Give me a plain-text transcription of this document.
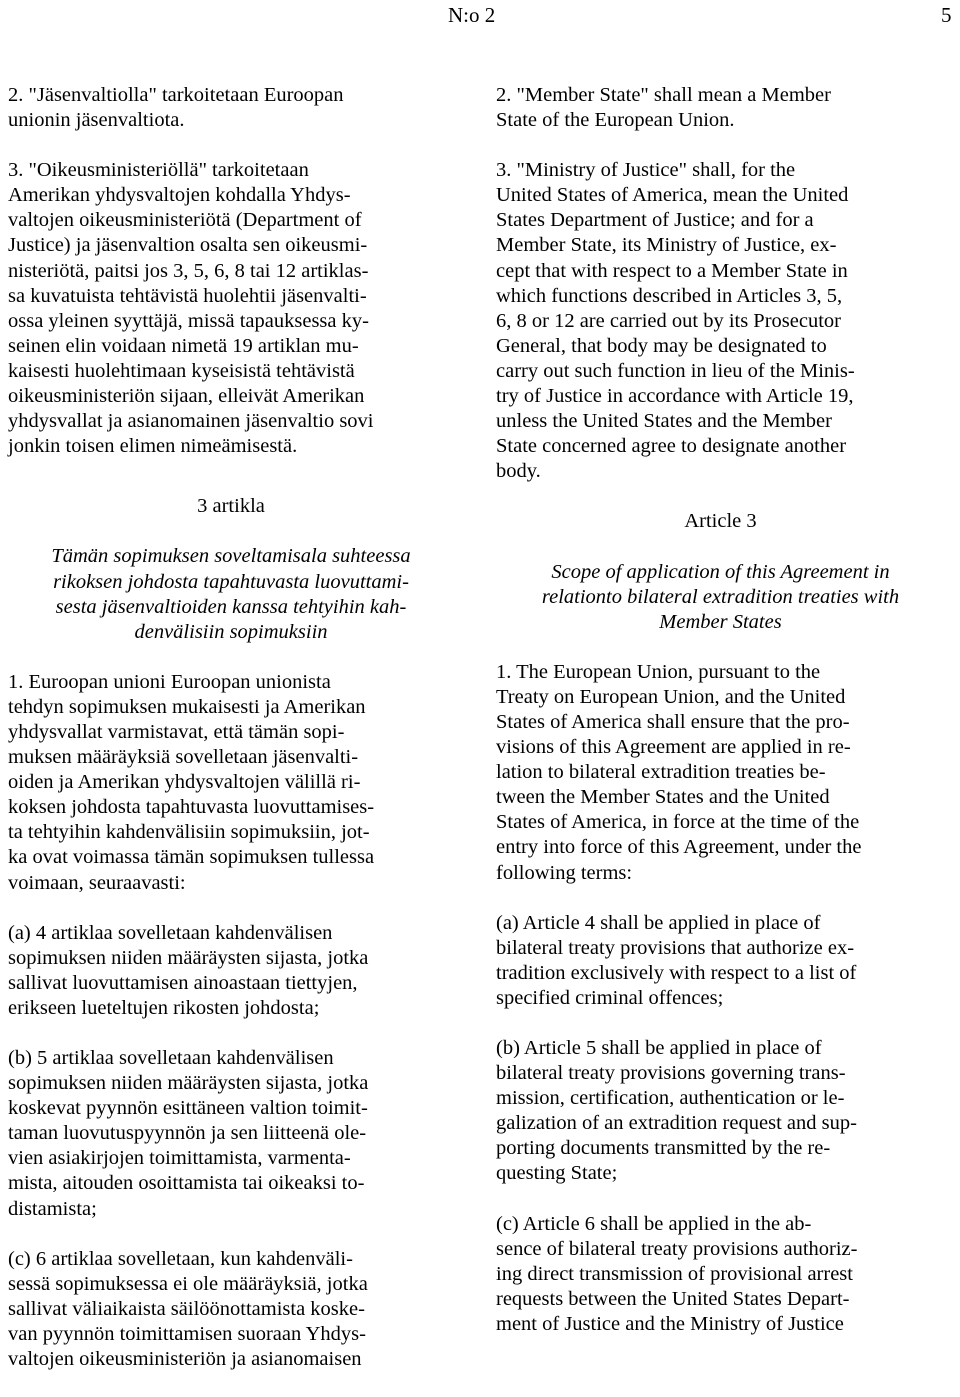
N:o 2	5

2. "Jäsenvaltiolla" tarkoitetaan Euroopan
unionin jäsenvaltiota.

3. "Oikeusministeriöllä" tarkoitetaan
Amerikan yhdysvaltojen kohdalla Yhdys-
valtojen oikeusministeriötä (Department of
Justice) ja jäsenvaltion osalta sen oikeusmi-
nisteriötä, paitsi jos 3, 5, 6, 8 tai 12 artiklas-
sa kuvatuista tehtävistä huolehtii jäsenvalti-
ossa yleinen syyttäjä, missä tapauksessa ky-
seinen elin voidaan nimetä 19 artiklan mu-
kaisesti huolehtimaan kyseisistä tehtävistä
oikeusministeriön sijaan, elleivät Amerikan
yhdysvallat ja asianomainen jäsenvaltio sovi
jonkin toisen elimen nimeämisestä.

3 artikla

Tämän sopimuksen soveltamisala suhteessa
rikoksen johdosta tapahtuvasta luovuttami-
sesta jäsenvaltioiden kanssa tehtyihin kah-
denvälisiin sopimuksiin

1. Euroopan unioni Euroopan unionista
tehdyn sopimuksen mukaisesti ja Amerikan
yhdysvallat varmistavat, että tämän sopi-
muksen määräyksiä sovelletaan jäsenvalti-
oiden ja Amerikan yhdysvaltojen välillä ri-
koksen johdosta tapahtuvasta luovuttamises-
ta tehtyihin kahdenvälisiin sopimuksiin, jot-
ka ovat voimassa tämän sopimuksen tullessa
voimaan, seuraavasti:

(a) 4 artiklaa sovelletaan kahdenvälisen
sopimuksen niiden määräysten sijasta, jotka
sallivat luovuttamisen ainoastaan tiettyjen,
erikseen lueteltujen rikosten johdosta;

(b) 5 artiklaa sovelletaan kahdenvälisen
sopimuksen niiden määräysten sijasta, jotka
koskevat pyynnön esittäneen valtion toimit-
taman luovutuspyynnön ja sen liitteenä ole-
vien asiakirjojen toimittamista, varmenta-
mista, aitouden osoittamista tai oikeaksi to-
distamista;

(c) 6 artiklaa sovelletaan, kun kahdenväli-
sessä sopimuksessa ei ole määräyksiä, jotka
sallivat väliaikaista säilöönottamista koske-
van pyynnön toimittamisen suoraan Yhdys-
valtojen oikeusministeriön ja asianomaisen

2. "Member State" shall mean a Member
State of the European Union.

3. "Ministry of Justice" shall, for the
United States of America, mean the United
States Department of Justice; and for a
Member State, its Ministry of Justice, ex-
cept that with respect to a Member State in
which functions described in Articles 3, 5,
6, 8 or 12 are carried out by its Prosecutor
General, that body may be designated to
carry out such function in lieu of the Minis-
try of Justice in accordance with Article 19,
unless the United States and the Member
State concerned agree to designate another
body.

Article 3

Scope of application of this Agreement in
relationto bilateral extradition treaties with
Member States

1. The European Union, pursuant to the
Treaty on European Union, and the United
States of America shall ensure that the pro-
visions of this Agreement are applied in re-
lation to bilateral extradition treaties be-
tween the Member States and the United
States of America, in force at the time of the
entry into force of this Agreement, under the
following terms:

(a) Article 4 shall be applied in place of
bilateral treaty provisions that authorize ex-
tradition exclusively with respect to a list of
specified criminal offences;

(b) Article 5 shall be applied in place of
bilateral treaty provisions governing trans-
mission, certification, authentication or le-
galization of an extradition request and sup-
porting documents transmitted by the re-
questing State;

(c) Article 6 shall be applied in the ab-
sence of bilateral treaty provisions authoriz-
ing direct transmission of provisional arrest
requests between the United States Depart-
ment of Justice and the Ministry of Justice
